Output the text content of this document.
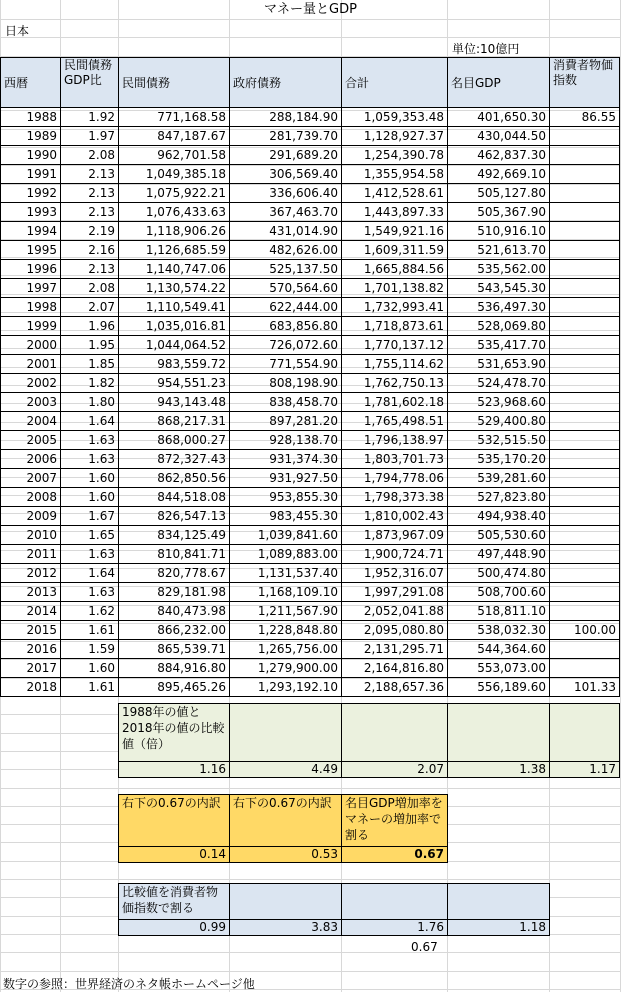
マネー量とGDP
日本
単位:10億円
西暦	民間債務 GDP比	民間債務	政府債務	合計	名目GDP	消費者物価指数
1988	1.92	771,168.58	288,184.90	1,059,353.48	401,650.30	86.55
1989	1.97	847,187.67	281,739.70	1,128,927.37	430,044.50	
1990	2.08	962,701.58	291,689.20	1,254,390.78	462,837.30	
1991	2.13	1,049,385.18	306,569.40	1,355,954.58	492,669.10	
1992	2.13	1,075,922.21	336,606.40	1,412,528.61	505,127.80	
1993	2.13	1,076,433.63	367,463.70	1,443,897.33	505,367.90	
1994	2.19	1,118,906.26	431,014.90	1,549,921.16	510,916.10	
1995	2.16	1,126,685.59	482,626.00	1,609,311.59	521,613.70	
1996	2.13	1,140,747.06	525,137.50	1,665,884.56	535,562.00	
1997	2.08	1,130,574.22	570,564.60	1,701,138.82	543,545.30	
1998	2.07	1,110,549.41	622,444.00	1,732,993.41	536,497.30	
1999	1.96	1,035,016.81	683,856.80	1,718,873.61	528,069.80	
2000	1.95	1,044,064.52	726,072.60	1,770,137.12	535,417.70	
2001	1.85	983,559.72	771,554.90	1,755,114.62	531,653.90	
2002	1.82	954,551.23	808,198.90	1,762,750.13	524,478.70	
2003	1.80	943,143.48	838,458.70	1,781,602.18	523,968.60	
2004	1.64	868,217.31	897,281.20	1,765,498.51	529,400.80	
2005	1.63	868,000.27	928,138.70	1,796,138.97	532,515.50	
2006	1.63	872,327.43	931,374.30	1,803,701.73	535,170.20	
2007	1.60	862,850.56	931,927.50	1,794,778.06	539,281.60	
2008	1.60	844,518.08	953,855.30	1,798,373.38	527,823.80	
2009	1.67	826,547.13	983,455.30	1,810,002.43	494,938.40	
2010	1.65	834,125.49	1,039,841.60	1,873,967.09	505,530.60	
2011	1.63	810,841.71	1,089,883.00	1,900,724.71	497,448.90	
2012	1.64	820,778.67	1,131,537.40	1,952,316.07	500,474.80	
2013	1.63	829,181.98	1,168,109.10	1,997,291.08	508,700.60	
2014	1.62	840,473.98	1,211,567.90	2,052,041.88	518,811.10	
2015	1.61	866,232.00	1,228,848.80	2,095,080.80	538,032.30	100.00
2016	1.59	865,539.71	1,265,756.00	2,131,295.71	544,364.60	
2017	1.60	884,916.80	1,279,900.00	2,164,816.80	553,073.00	
2018	1.61	895,465.26	1,293,192.10	2,188,657.36	556,189.60	101.33

1988年の値と2018年の値の比較値（倍）				
1.16	4.49	2.07	1.38	1.17
右下の0.67の内訳	右下の0.67の内訳	名目GDP増加率をマネーの増加率で割る
0.14	0.53	0.67
比較値を消費者物価指数で割る			
0.99	3.83	1.76	1.18
0.67
数字の参照：世界経済のネタ帳ホームページ他
